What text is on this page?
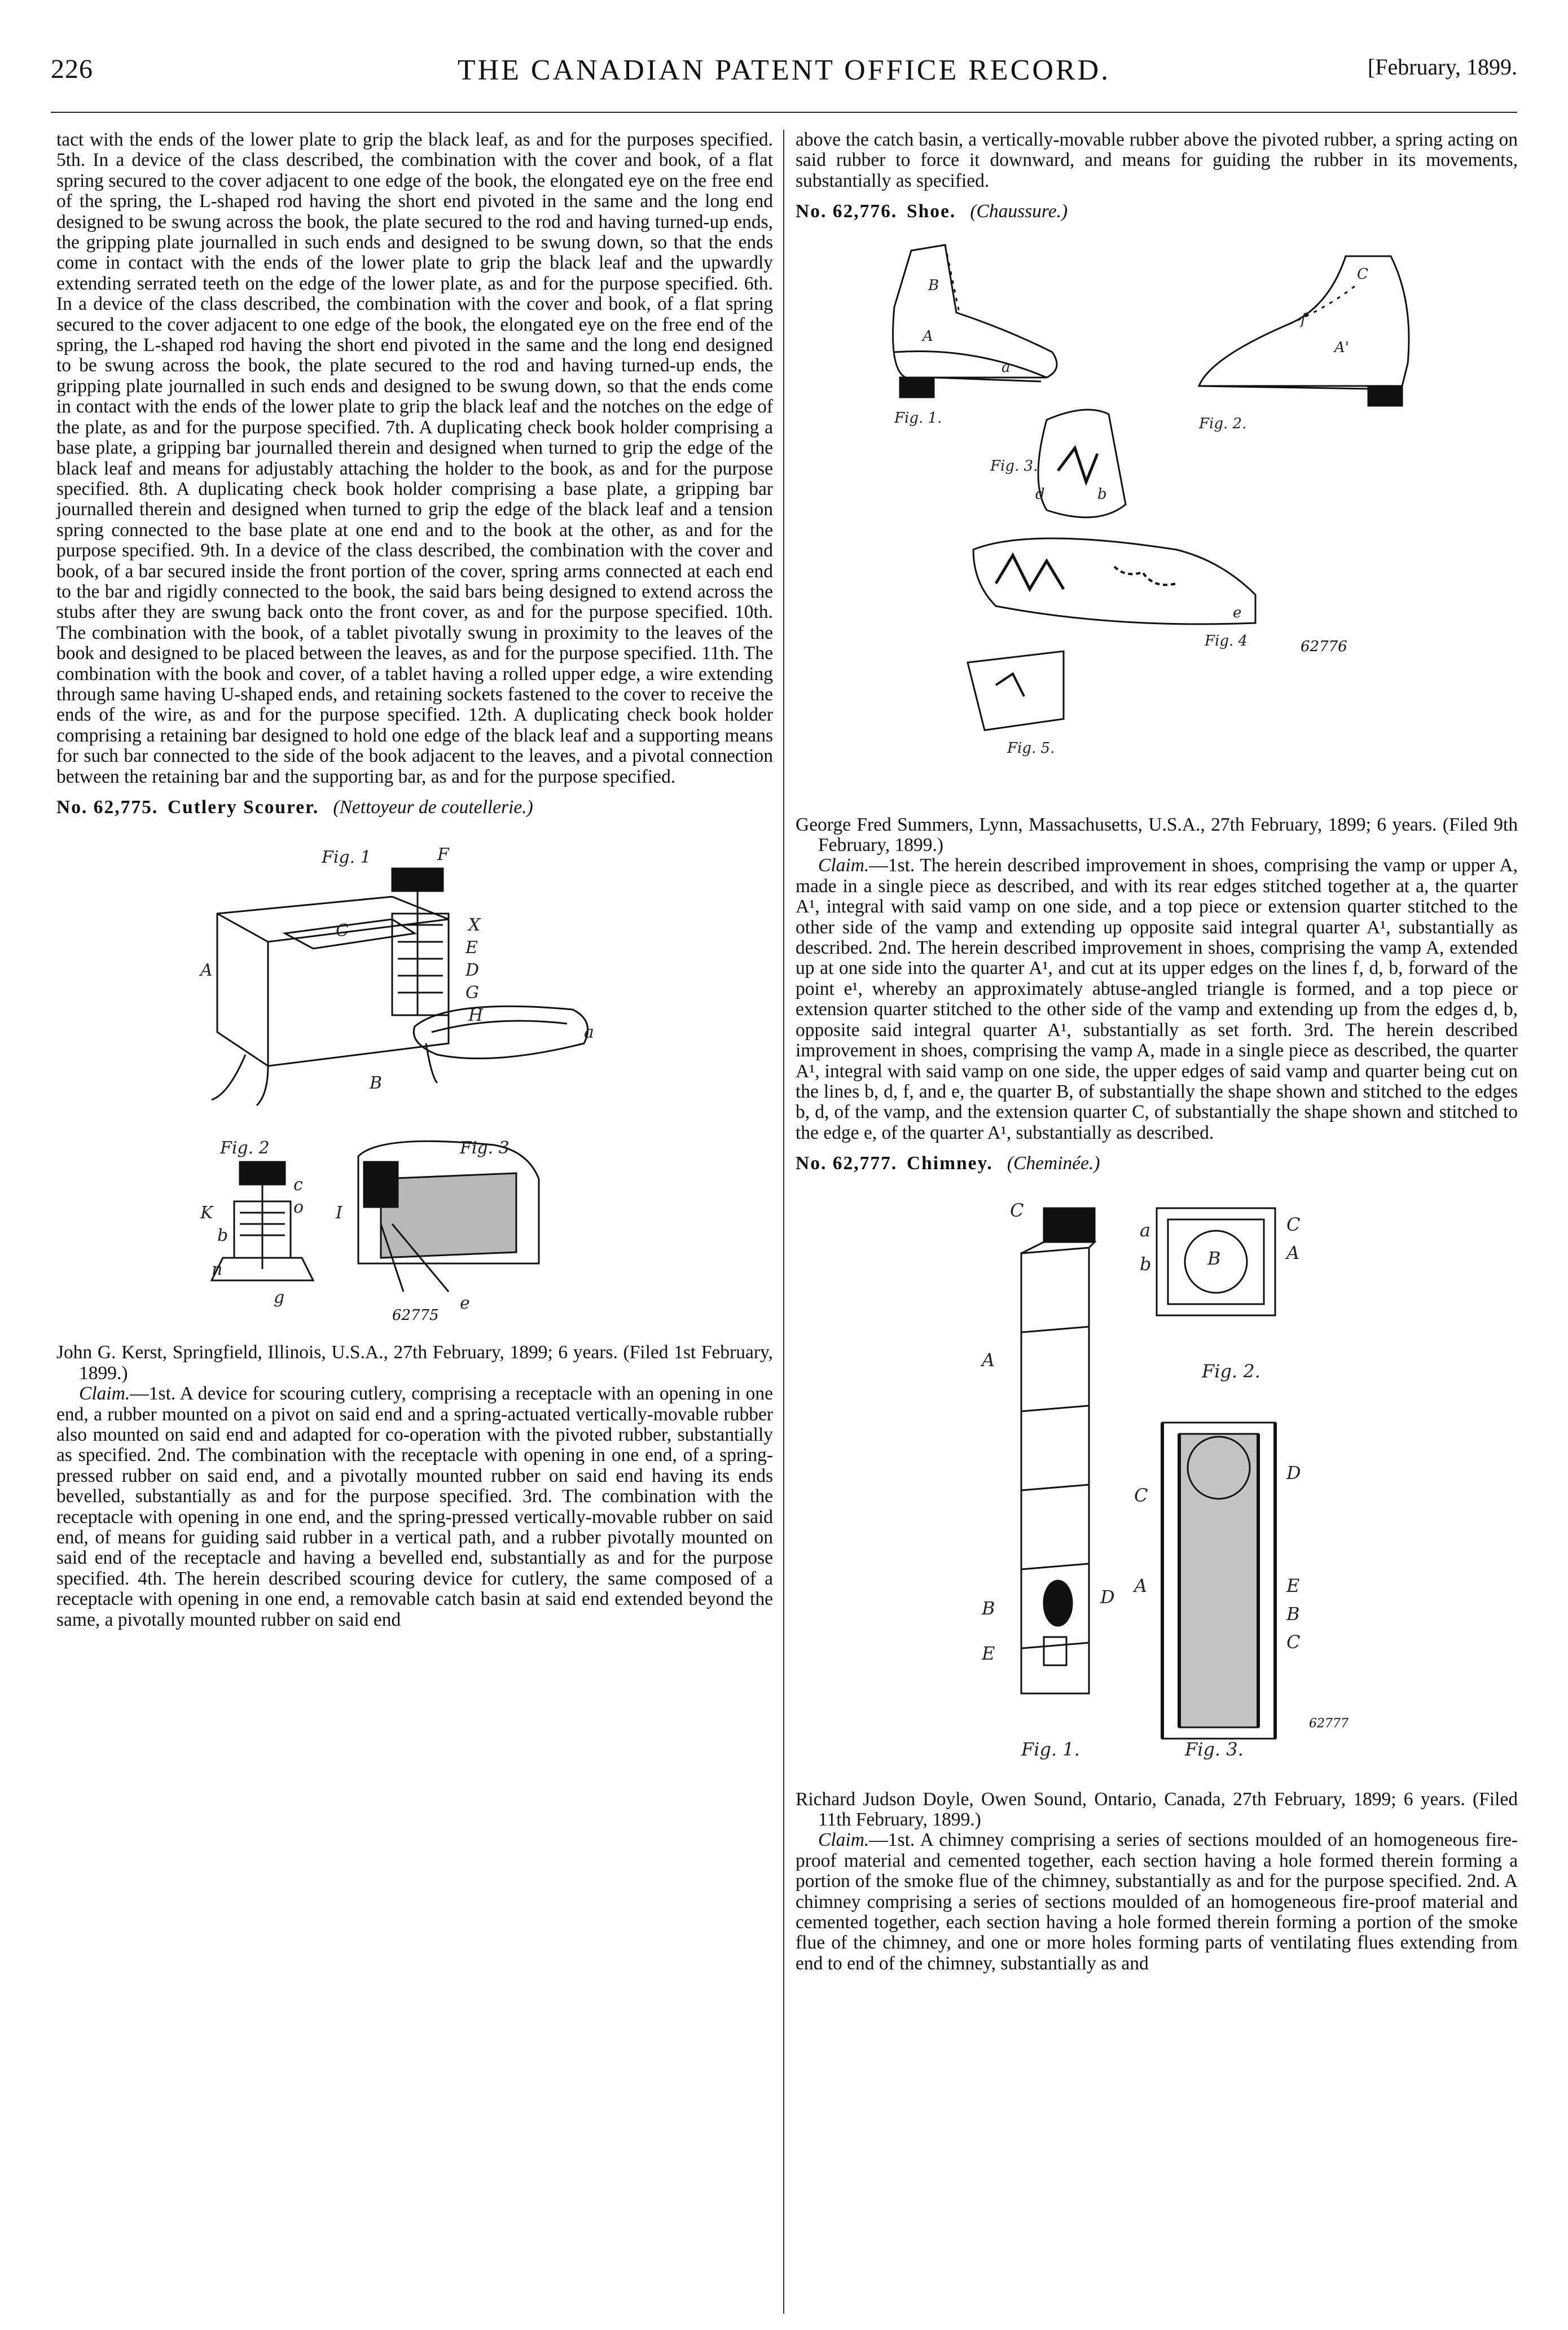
226	THE CANADIAN PATENT OFFICE RECORD.	[February, 1899.

tact with the ends of the lower plate to grip the black leaf, as and for the purposes specified. 5th. In a device of the class described, the combination with the cover and book, of a flat spring secured to the cover adjacent to one edge of the book, the elongated eye on the free end of the spring, the L-shaped rod having the short end pivoted in the same and the long end designed to be swung across the book, the plate secured to the rod and having turned-up ends, the gripping plate journalled in such ends and designed to be swung down, so that the ends come in contact with the ends of the lower plate to grip the black leaf and the upwardly extending serrated teeth on the edge of the lower plate, as and for the purpose specified. 6th. In a device of the class described, the combination with the cover and book, of a flat spring secured to the cover adjacent to one edge of the book, the elongated eye on the free end of the spring, the L-shaped rod having the short end pivoted in the same and the long end designed to be swung across the book, the plate secured to the rod and having turned-up ends, the gripping plate journalled in such ends and designed to be swung down, so that the ends come in contact with the ends of the lower plate to grip the black leaf and the notches on the edge of the plate, as and for the purpose specified. 7th. A duplicating check book holder comprising a base plate, a gripping bar journalled therein and designed when turned to grip the edge of the black leaf and means for adjustably attaching the holder to the book, as and for the purpose specified. 8th. A duplicating check book holder comprising a base plate, a gripping bar journalled therein and designed when turned to grip the edge of the black leaf and a tension spring connected to the base plate at one end and to the book at the other, as and for the purpose specified. 9th. In a device of the class described, the combination with the cover and book, of a bar secured inside the front portion of the cover, spring arms connected at each end to the bar and rigidly connected to the book, the said bars being designed to extend across the stubs after they are swung back onto the front cover, as and for the purpose specified. 10th. The combination with the book, of a tablet pivotally swung in proximity to the leaves of the book and designed to be placed between the leaves, as and for the purpose specified. 11th. The combination with the book and cover, of a tablet having a rolled upper edge, a wire extending through same having U-shaped ends, and retaining sockets fastened to the cover to receive the ends of the wire, as and for the purpose specified. 12th. A duplicating check book holder comprising a retaining bar designed to hold one edge of the black leaf and a supporting means for such bar connected to the side of the book adjacent to the leaves, and a pivotal connection between the retaining bar and the supporting bar, as and for the purpose specified.

No. 62,775. Cutlery Scourer. (Nettoyeur de coutellerie.)

Fig. 1
Fig. 2	Fig. 3
A
B
C
D
E
F
G
H
I
K
X
a
b
c
e
g
n
o
62775

John G. Kerst, Springfield, Illinois, U.S.A., 27th February, 1899; 6 years. (Filed 1st February, 1899.)

Claim.—1st. A device for scouring cutlery, comprising a receptacle with an opening in one end, a rubber mounted on a pivot on said end and a spring-actuated vertically-movable rubber also mounted on said end and adapted for co-operation with the pivoted rubber, substantially as specified. 2nd. The combination with the receptacle with opening in one end, of a spring-pressed rubber on said end, and a pivotally mounted rubber on said end having its ends bevelled, substantially as and for the purpose specified. 3rd. The combination with the receptacle with opening in one end, and the spring-pressed vertically-movable rubber on said end, of means for guiding said rubber in a vertical path, and a rubber pivotally mounted on said end of the receptacle and having a bevelled end, substantially as and for the purpose specified. 4th. The herein described scouring device for cutlery, the same composed of a receptacle with opening in one end, a removable catch basin at said end extended beyond the same, a pivotally mounted rubber on said end

above the catch basin, a vertically-movable rubber above the pivoted rubber, a spring acting on said rubber to force it downward, and means for guiding the rubber in its movements, substantially as specified.

No. 62,776. Shoe. (Chaussure.)

Fig. 1.	Fig. 2.
Fig. 3.
Fig. 4
Fig. 5.
A
A'
B
C
a
b
d
f
e
62776

George Fred Summers, Lynn, Massachusetts, U.S.A., 27th February, 1899; 6 years. (Filed 9th February, 1899.)

Claim.—1st. The herein described improvement in shoes, comprising the vamp or upper A, made in a single piece as described, and with its rear edges stitched together at a, the quarter A¹, integral with said vamp on one side, and a top piece or extension quarter stitched to the other side of the vamp and extending up opposite said integral quarter A¹, substantially as described. 2nd. The herein described improvement in shoes, comprising the vamp A, extended up at one side into the quarter A¹, and cut at its upper edges on the lines f, d, b, forward of the point e¹, whereby an approximately abtuse-angled triangle is formed, and a top piece or extension quarter stitched to the other side of the vamp and extending up from the edges d, b, opposite said integral quarter A¹, substantially as set forth. 3rd. The herein described improvement in shoes, comprising the vamp A, made in a single piece as described, the quarter A¹, integral with said vamp on one side, the upper edges of said vamp and quarter being cut on the lines b, d, f, and e, the quarter B, of substantially the shape shown and stitched to the edges b, d, of the vamp, and the extension quarter C, of substantially the shape shown and stitched to the edge e, of the quarter A¹, substantially as described.

No. 62,777. Chimney. (Cheminée.)

C
A
B
D
E
C
A
B
a
b
C
A
D
E
B
C
Fig. 2.
Fig. 1.	Fig. 3.
62777

Richard Judson Doyle, Owen Sound, Ontario, Canada, 27th February, 1899; 6 years. (Filed 11th February, 1899.)

Claim.—1st. A chimney comprising a series of sections moulded of an homogeneous fire-proof material and cemented together, each section having a hole formed therein forming a portion of the smoke flue of the chimney, substantially as and for the purpose specified. 2nd. A chimney comprising a series of sections moulded of an homogeneous fire-proof material and cemented together, each section having a hole formed therein forming a portion of the smoke flue of the chimney, and one or more holes forming parts of ventilating flues extending from end to end of the chimney, substantially as and
